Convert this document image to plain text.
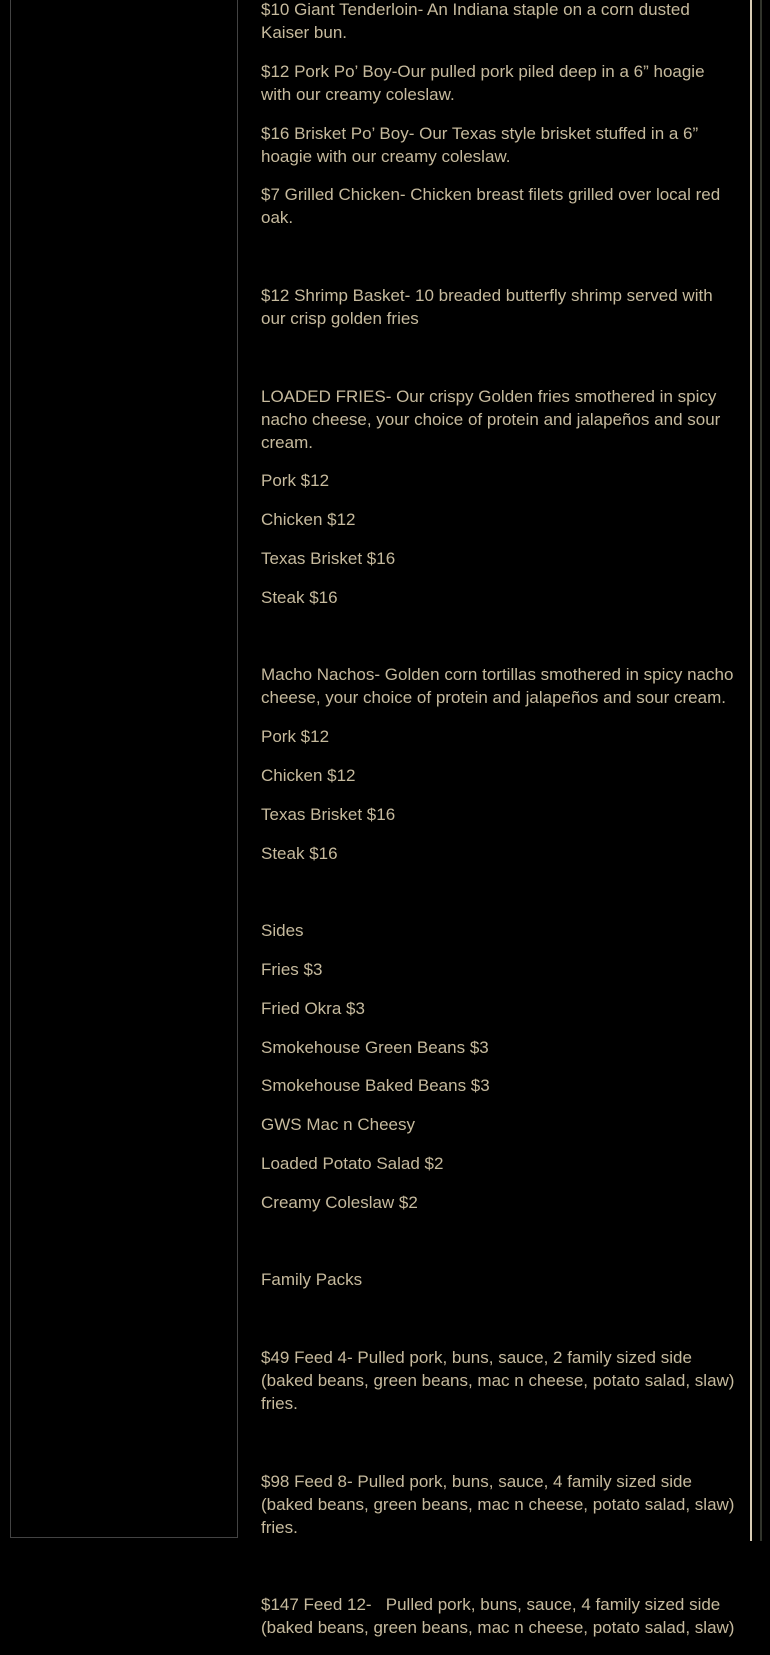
$10 Giant Tenderloin- An Indiana staple on a corn dusted Kaiser bun.

$12 Pork Po’ Boy-Our pulled pork piled deep in a 6” hoagie with our creamy coleslaw.

$16 Brisket Po’ Boy- Our Texas style brisket stuffed in a 6” hoagie with our creamy coleslaw.

$7 Grilled Chicken- Chicken breast filets grilled over local red oak.

$12 Shrimp Basket- 10 breaded butterfly shrimp served with our crisp golden fries

LOADED FRIES- Our crispy Golden fries smothered in spicy nacho cheese, your choice of protein and jalapeños and sour cream.

Pork $12

Chicken $12

Texas Brisket $16

Steak $16

Macho Nachos- Golden corn tortillas smothered in spicy nacho cheese, your choice of protein and jalapeños and sour cream.

Pork $12

Chicken $12

Texas Brisket $16

Steak $16

Sides

Fries $3

Fried Okra $3

Smokehouse Green Beans $3

Smokehouse Baked Beans $3

GWS Mac n Cheesy

Loaded Potato Salad $2

Creamy Coleslaw $2

Family Packs

$49 Feed 4- Pulled pork, buns, sauce, 2 family sized side (baked beans, green beans, mac n cheese, potato salad, slaw) fries.

$98 Feed 8- Pulled pork, buns, sauce, 4 family sized side (baked beans, green beans, mac n cheese, potato salad, slaw) fries.

$147 Feed 12-   Pulled pork, buns, sauce, 4 family sized side (baked beans, green beans, mac n cheese, potato salad, slaw)
